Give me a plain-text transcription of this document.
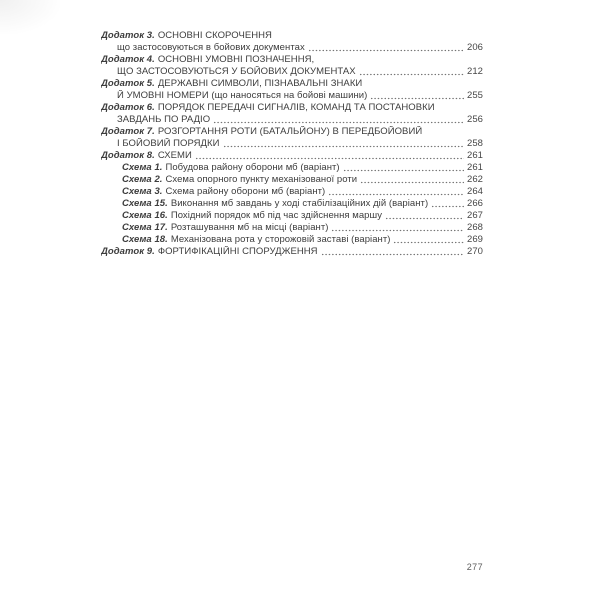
Додаток 3. ОСНОВНІ СКОРОЧЕННЯ
що застосовуються в бойових документах	206
Додаток 4. ОСНОВНІ УМОВНІ ПОЗНАЧЕННЯ,
ЩО ЗАСТОСОВУЮТЬСЯ У БОЙОВИХ ДОКУМЕНТАХ	212
Додаток 5. ДЕРЖАВНІ СИМВОЛИ, ПІЗНАВАЛЬНІ ЗНАКИ
Й УМОВНІ НОМЕРИ (що наносяться на бойові машини)	255
Додаток 6. ПОРЯДОК ПЕРЕДАЧІ СИГНАЛІВ, КОМАНД ТА ПОСТАНОВКИ
ЗАВДАНЬ ПО РАДІО	256
Додаток 7. РОЗГОРТАННЯ РОТИ (БАТАЛЬЙОНУ) В ПЕРЕДБОЙОВИЙ
І БОЙОВИЙ ПОРЯДКИ	258
Додаток 8. СХЕМИ	261
Схема 1. Побудова району оборони мб (варіант)	261
Схема 2. Схема опорного пункту механізованої роти	262
Схема 3. Схема району оборони мб (варіант)	264
Схема 15. Виконання мб завдань у ході стабілізаційних дій (варіант)	266
Схема 16. Похідний порядок мб під час здійснення маршу	267
Схема 17. Розташування мб на місці (варіант)	268
Схема 18. Механізована рота у сторожовій заставі (варіант)	269
Додаток 9. ФОРТИФІКАЦІЙНІ СПОРУДЖЕННЯ	270
277
